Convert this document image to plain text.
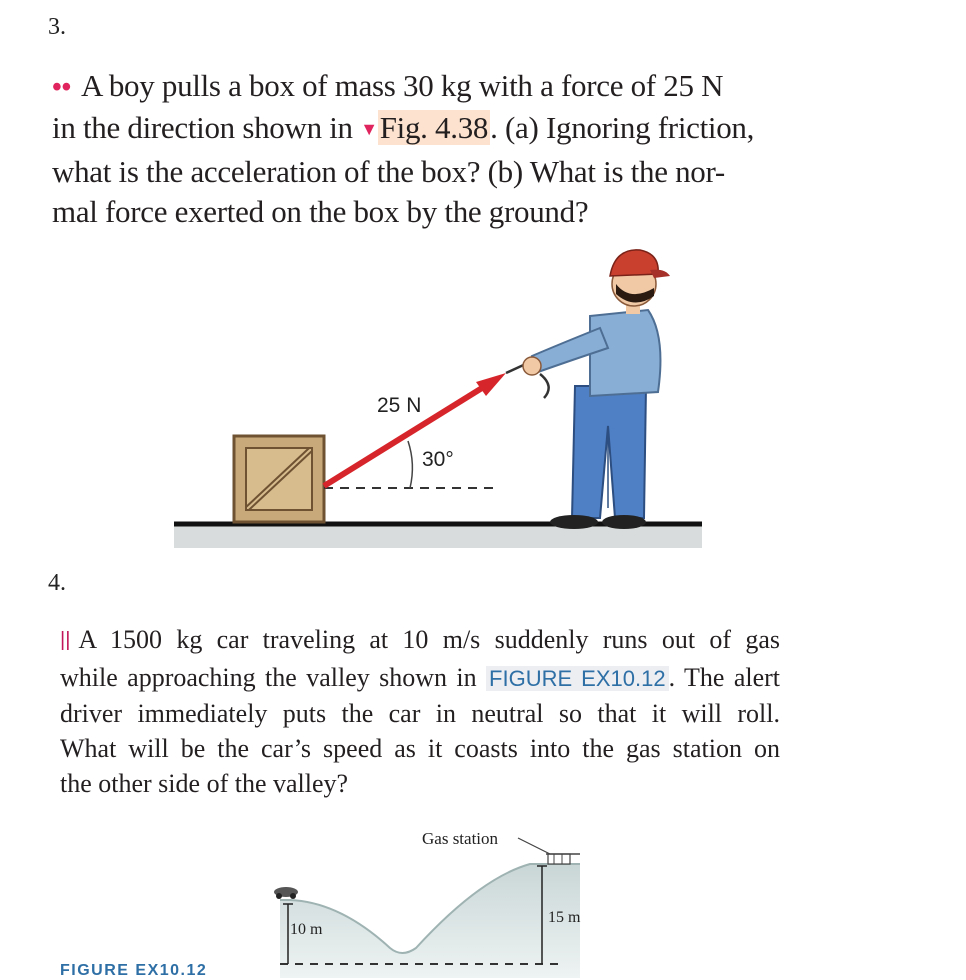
3.
•• A boy pulls a box of mass 30 kg with a force of 25 N
in the direction shown in ▼Fig. 4.38. (a) Ignoring friction,
what is the acceleration of the box? (b) What is the nor-
mal force exerted on the box by the ground?
25 N
30°
4.
|| A 1500 kg car traveling at 10 m/s suddenly runs out of gas
while approaching the valley shown in FIGURE EX10.12 . The alert
driver immediately puts the car in neutral so that it will roll.
What will be the car’s speed as it coasts into the gas station on
the other side of the valley?
10 m
15 m
Gas station
FIGURE EX10.12
